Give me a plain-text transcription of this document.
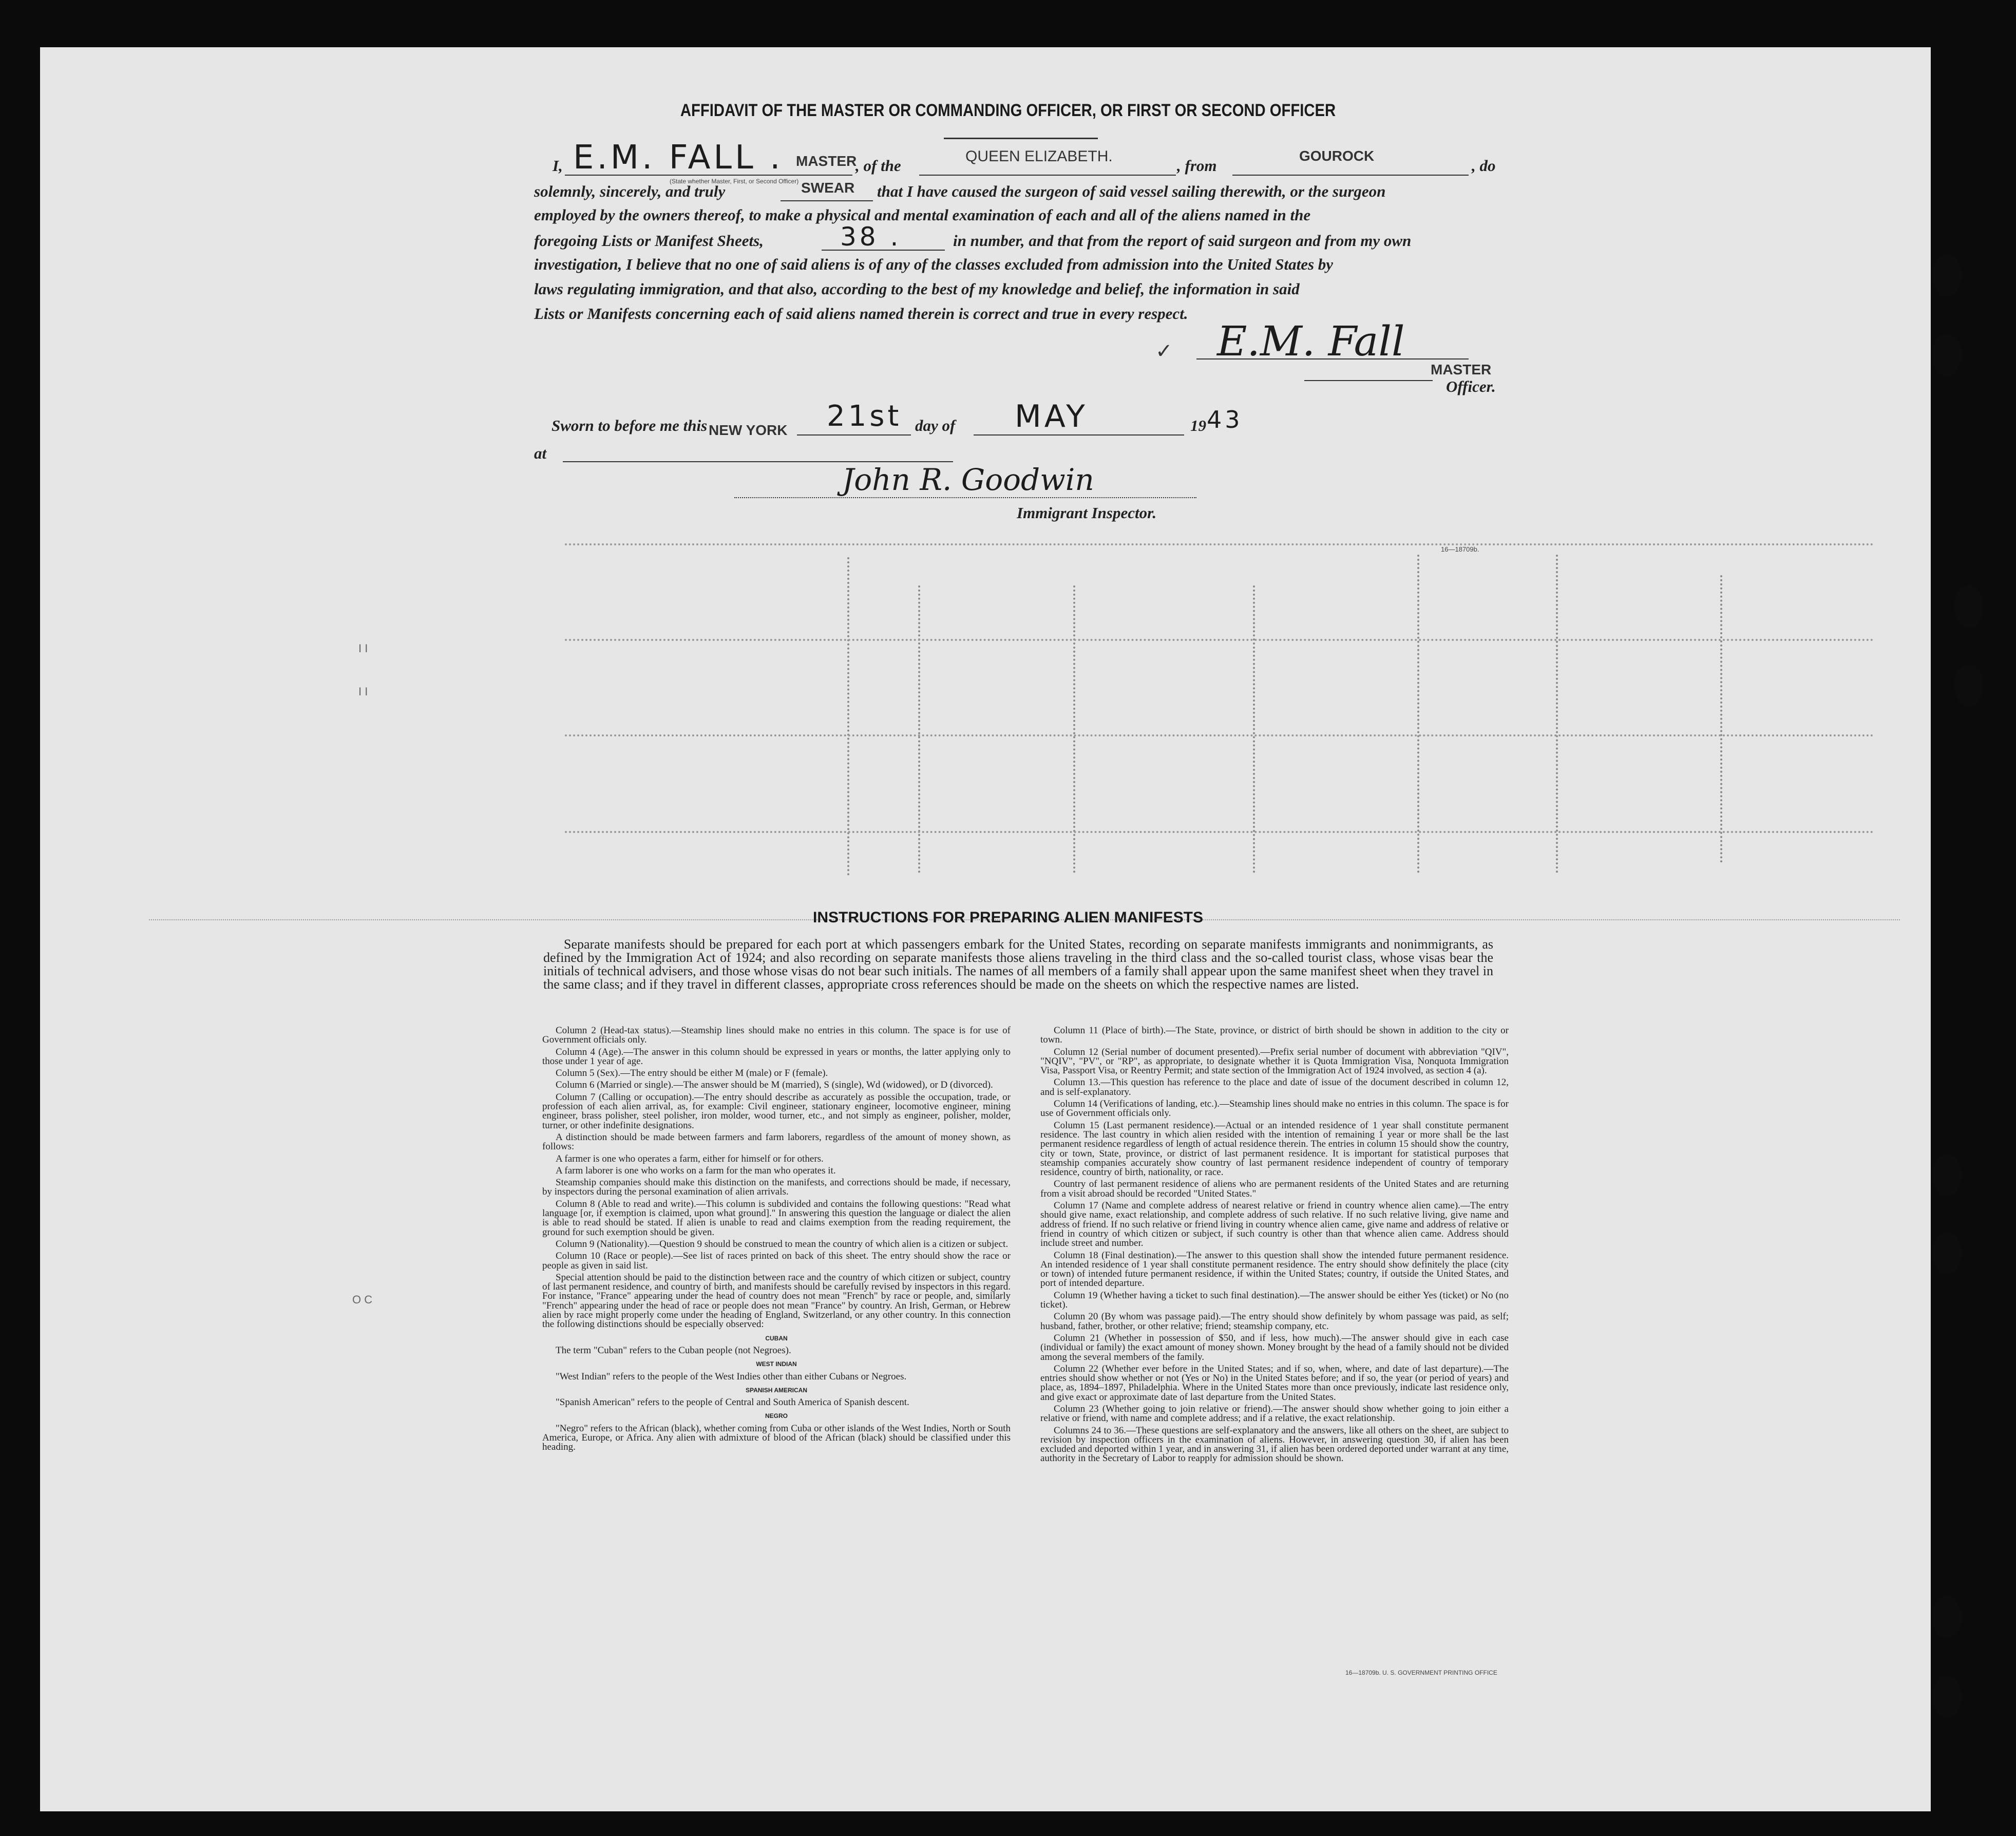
I I
I I
O C
AFFIDAVIT OF THE MASTER OR COMMANDING OFFICER, OR FIRST OR SECOND OFFICER
I,	, of the	, from	, do
E.M. FALL . MASTER
(State whether Master, First, or Second Officer)
QUEEN ELIZABETH.	GOUROCK
solemnly, sincerely, and truly	that I have caused the surgeon of said vessel sailing therewith, or the surgeon
SWEAR
employed by the owners thereof, to make a physical and mental examination of each and all of the aliens named in the
foregoing Lists or Manifest Sheets,	in number, and that from the report of said surgeon and from my own
38 .
investigation, I believe that no one of said aliens is of any of the classes excluded from admission into the United States by
laws regulating immigration, and that also, according to the best of my knowledge and belief, the information in said
Lists or Manifests concerning each of said aliens named therein is correct and true in every respect.
✓ E.M. Fall
MASTER
Officer.
Sworn to before me this	day of	19
NEW YORK 21st	MAY	43
at
John R. Goodwin
Immigrant Inspector.
16—18709b.
INSTRUCTIONS FOR PREPARING ALIEN MANIFESTS
Separate manifests should be prepared for each port at which passengers embark for the United States, recording on separate manifests immigrants and nonimmigrants, as defined by the Immigration Act of 1924; and also recording on separate manifests those aliens traveling in the third class and the so-called tourist class, whose visas bear the initials of technical advisers, and those whose visas do not bear such initials. The names of all members of a family shall appear upon the same manifest sheet when they travel in the same class; and if they travel in different classes, appropriate cross references should be made on the sheets on which the respective names are listed.

Column 2 (Head-tax status).—Steamship lines should make no entries in this column. The space is for use of Government officials only.

Column 4 (Age).—The answer in this column should be expressed in years or months, the latter applying only to those under 1 year of age.

Column 5 (Sex).—The entry should be either M (male) or F (female).

Column 6 (Married or single).—The answer should be M (married), S (single), Wd (widowed), or D (divorced).

Column 7 (Calling or occupation).—The entry should describe as accurately as possible the occupation, trade, or profession of each alien arrival, as, for example: Civil engineer, stationary engineer, locomotive engineer, mining engineer, brass polisher, steel polisher, iron molder, wood turner, etc., and not simply as engineer, polisher, molder, turner, or other indefinite designations.

A distinction should be made between farmers and farm laborers, regardless of the amount of money shown, as follows:

A farmer is one who operates a farm, either for himself or for others.

A farm laborer is one who works on a farm for the man who operates it.

Steamship companies should make this distinction on the manifests, and corrections should be made, if necessary, by inspectors during the personal examination of alien arrivals.

Column 8 (Able to read and write).—This column is subdivided and contains the following questions: "Read what language [or, if exemption is claimed, upon what ground]." In answering this question the language or dialect the alien is able to read should be stated. If alien is unable to read and claims exemption from the reading requirement, the ground for such exemption should be given.

Column 9 (Nationality).—Question 9 should be construed to mean the country of which alien is a citizen or subject.

Column 10 (Race or people).—See list of races printed on back of this sheet. The entry should show the race or people as given in said list.

Special attention should be paid to the distinction between race and the country of which citizen or subject, country of last permanent residence, and country of birth, and manifests should be carefully revised by inspectors in this regard. For instance, "France" appearing under the head of country does not mean "French" by race or people, and, similarly "French" appearing under the head of race or people does not mean "France" by country. An Irish, German, or Hebrew alien by race might properly come under the heading of England, Switzerland, or any other country. In this connection the following distinctions should be especially observed:

CUBAN

The term "Cuban" refers to the Cuban people (not Negroes).

WEST INDIAN

"West Indian" refers to the people of the West Indies other than either Cubans or Negroes.

SPANISH AMERICAN

"Spanish American" refers to the people of Central and South America of Spanish descent.

NEGRO

"Negro" refers to the African (black), whether coming from Cuba or other islands of the West Indies, North or South America, Europe, or Africa. Any alien with admixture of blood of the African (black) should be classified under this heading.

Column 11 (Place of birth).—The State, province, or district of birth should be shown in addition to the city or town.

Column 12 (Serial number of document presented).—Prefix serial number of document with abbreviation "QIV", "NQIV", "PV", or "RP", as appropriate, to designate whether it is Quota Immigration Visa, Nonquota Immigration Visa, Passport Visa, or Reentry Permit; and state section of the Immigration Act of 1924 involved, as section 4 (a).

Column 13.—This question has reference to the place and date of issue of the document described in column 12, and is self-explanatory.

Column 14 (Verifications of landing, etc.).—Steamship lines should make no entries in this column. The space is for use of Government officials only.

Column 15 (Last permanent residence).—Actual or an intended residence of 1 year shall constitute permanent residence. The last country in which alien resided with the intention of remaining 1 year or more shall be the last permanent residence regardless of length of actual residence therein. The entries in column 15 should show the country, city or town, State, province, or district of last permanent residence. It is important for statistical purposes that steamship companies accurately show country of last permanent residence independent of country of temporary residence, country of birth, nationality, or race.

Country of last permanent residence of aliens who are permanent residents of the United States and are returning from a visit abroad should be recorded "United States."

Column 17 (Name and complete address of nearest relative or friend in country whence alien came).—The entry should give name, exact relationship, and complete address of such relative. If no such relative living, give name and address of friend. If no such relative or friend living in country whence alien came, give name and address of relative or friend in country of which citizen or subject, if such country is other than that whence alien came. Address should include street and number.

Column 18 (Final destination).—The answer to this question shall show the intended future permanent residence. An intended residence of 1 year shall constitute permanent residence. The entry should show definitely the place (city or town) of intended future permanent residence, if within the United States; country, if outside the United States, and port of intended departure.

Column 19 (Whether having a ticket to such final destination).—The answer should be either Yes (ticket) or No (no ticket).

Column 20 (By whom was passage paid).—The entry should show definitely by whom passage was paid, as self; husband, father, brother, or other relative; friend; steamship company, etc.

Column 21 (Whether in possession of $50, and if less, how much).—The answer should give in each case (individual or family) the exact amount of money shown. Money brought by the head of a family should not be divided among the several members of the family.

Column 22 (Whether ever before in the United States; and if so, when, where, and date of last departure).—The entries should show whether or not (Yes or No) in the United States before; and if so, the year (or period of years) and place, as, 1894–1897, Philadelphia. Where in the United States more than once previously, indicate last residence only, and give exact or approximate date of last departure from the United States.

Column 23 (Whether going to join relative or friend).—The answer should show whether going to join either a relative or friend, with name and complete address; and if a relative, the exact relationship.

Columns 24 to 36.—These questions are self-explanatory and the answers, like all others on the sheet, are subject to revision by inspection officers in the examination of aliens. However, in answering question 30, if alien has been excluded and deported within 1 year, and in answering 31, if alien has been ordered deported under warrant at any time, authority in the Secretary of Labor to reapply for admission should be shown.

16—18709b. U. S. GOVERNMENT PRINTING OFFICE
